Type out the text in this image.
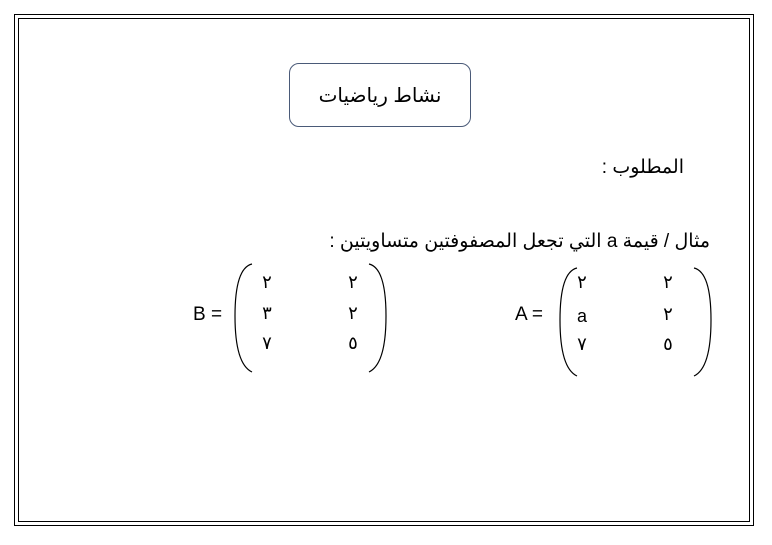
نشاط رياضيات
المطلوب :
مثال / قيمة a التي تجعل المصفوفتين متساويتين :
A =
٢
٢
٢
a
٥
٧
B =
٢
٢
٢
٣
٥
٧
